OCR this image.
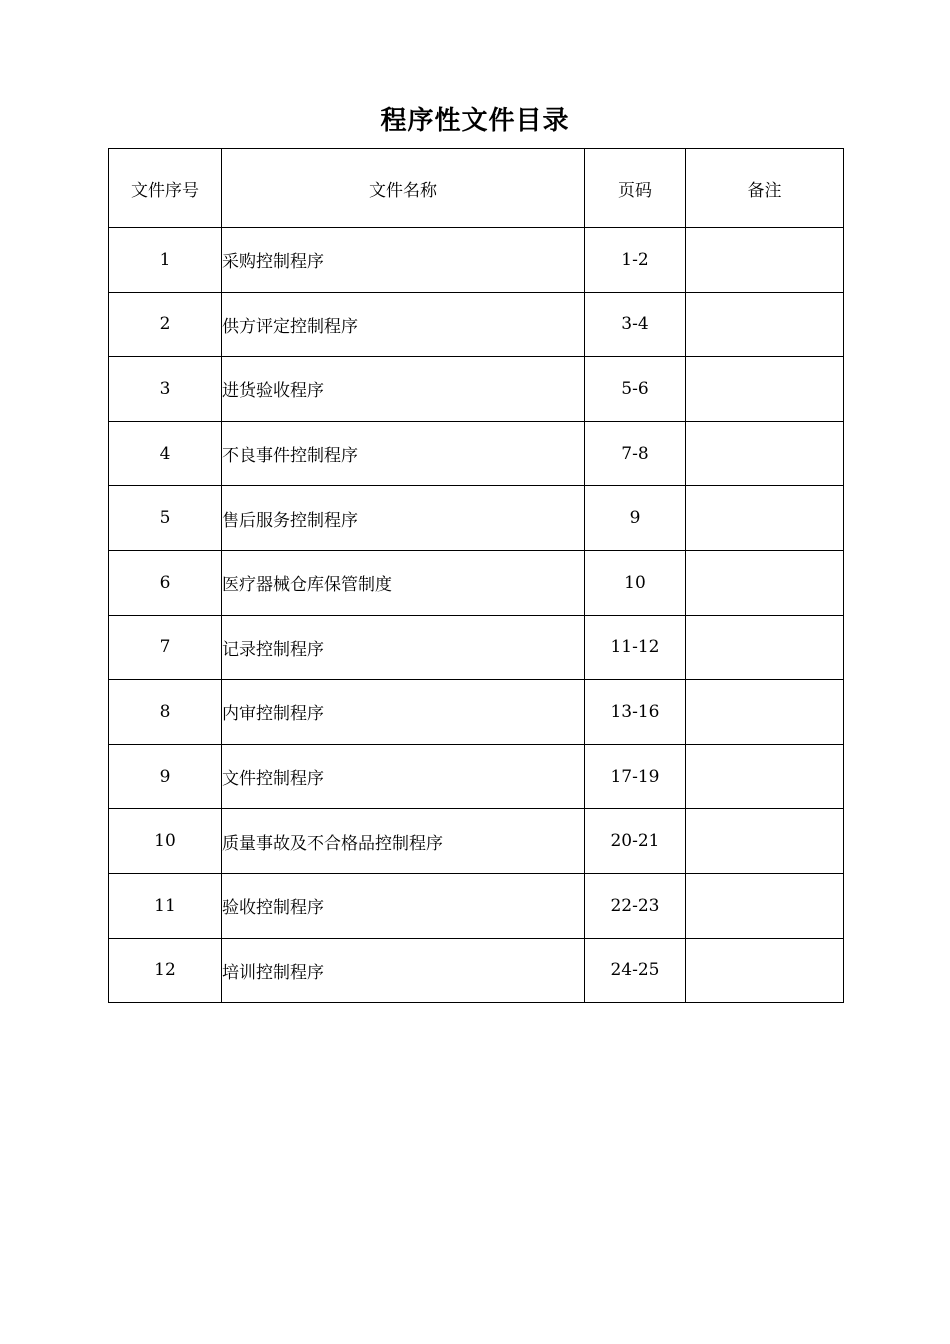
程序性文件目录
文件序号	文件名称	页码	备注
1	采购控制程序	1-2	
2	供方评定控制程序	3-4	
3	进货验收程序	5-6	
4	不良事件控制程序	7-8	
5	售后服务控制程序	9	
6	医疗器械仓库保管制度	10	
7	记录控制程序	11-12	
8	内审控制程序	13-16	
9	文件控制程序	17-19	
10	质量事故及不合格品控制程序	20-21	
11	验收控制程序	22-23	
12	培训控制程序	24-25	
